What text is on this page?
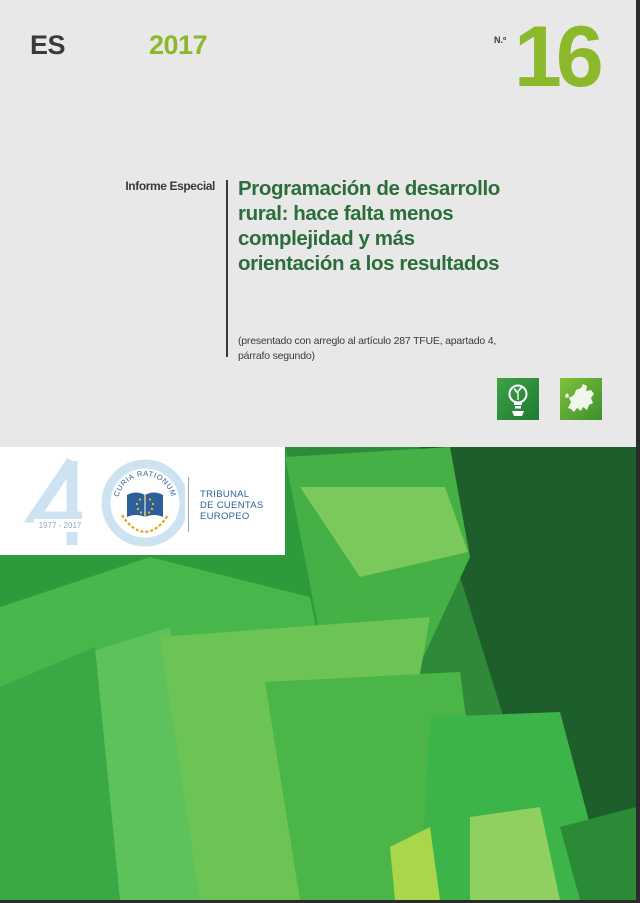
ES	2017	N.º 16
Informe Especial Programación de desarrollo rural: hace falta menos complejidad y más orientación a los resultados
(presentado con arreglo al artículo 287 TFUE, apartado 4, párrafo segundo)
CURIA RATIONUM
1977 - 2017
TRIBUNAL
DE CUENTAS
EUROPEO
